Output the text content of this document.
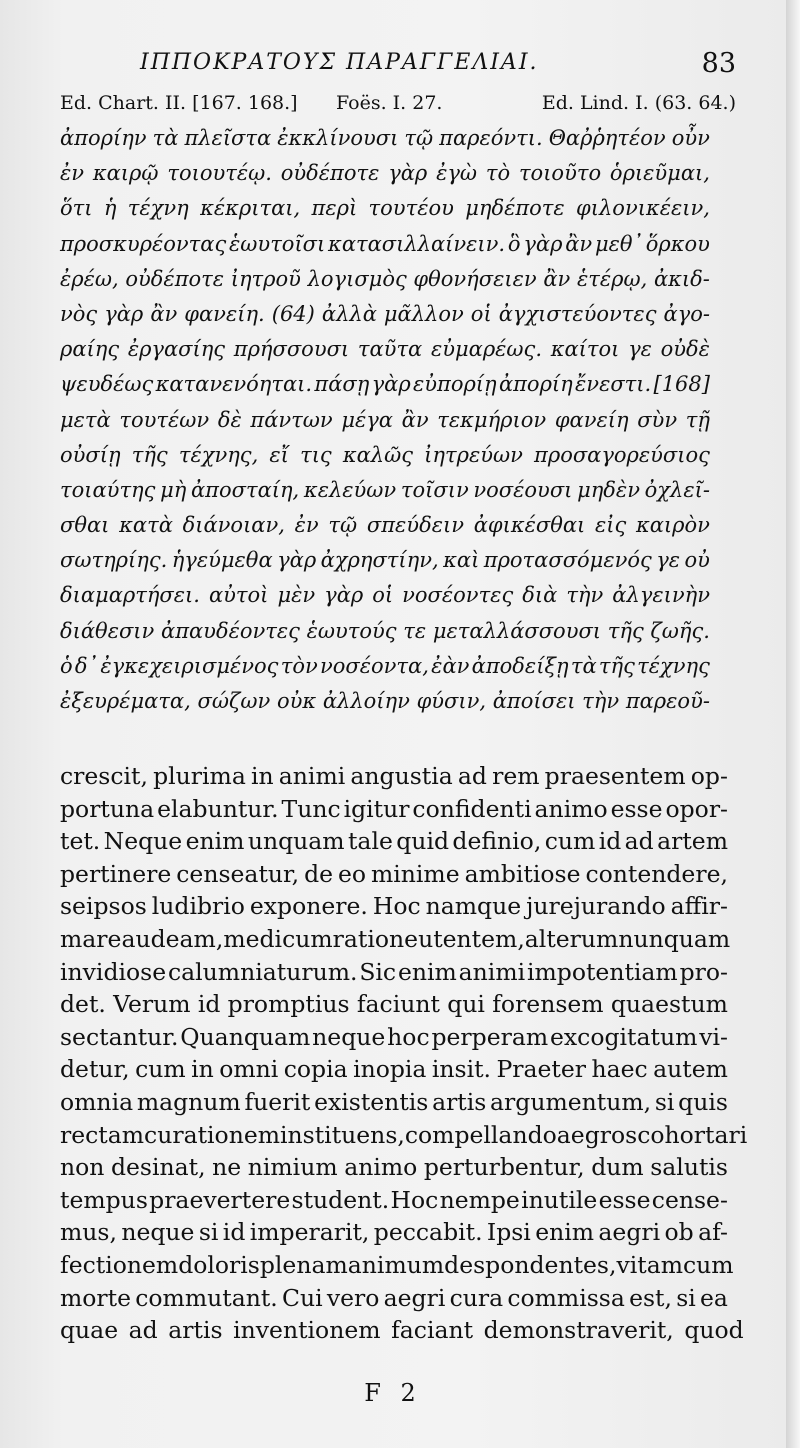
ΙΠΠΟΚΡΑΤΟΥΣ ΠΑΡΑΓΓΕΛΙΑΙ.	83
Ed. Chart. II. [167. 168.] Foës. I. 27.	Ed. Lind. I. (63. 64.)
ἀπορίην τὰ πλεῖστα ἐκκλίνουσι τῷ παρεόντι. Θαῤῥητέον οὖν
ἐν καιρῷ τοιουτέῳ. οὐδέποτε γὰρ ἐγὼ τὸ τοιοῦτο ὁριεῦμαι,
ὅτι ἡ τέχνη κέκριται, περὶ τουτέου μηδέποτε φιλονικέειν,
προσκυρέοντας ἑωυτοῖσι κατασιλλαίνειν. ὃ γὰρ ἂν μεθ᾽ ὅρκου
ἐρέω, οὐδέποτε ἰητροῦ λογισμὸς φθονήσειεν ἂν ἑτέρῳ, ἀκιδ-
νὸς γὰρ ἂν φανείη. (64) ἀλλὰ μᾶλλον οἱ ἀγχιστεύοντες ἀγο-
ραίης ἐργασίης πρήσσουσι ταῦτα εὐμαρέως. καίτοι γε οὐδὲ
ψευδέως κατανενόηται. πάσῃ γὰρ εὐπορίῃ ἀπορίη ἔνεστι. [168]
μετὰ τουτέων δὲ πάντων μέγα ἂν τεκμήριον φανείη σὺν τῇ
οὐσίῃ τῆς τέχνης, εἴ τις καλῶς ἰητρεύων προσαγορεύσιος
τοιαύτης μὴ ἀποσταίη, κελεύων τοῖσιν νοσέουσι μηδὲν ὀχλεῖ-
σθαι κατὰ διάνοιαν, ἐν τῷ σπεύδειν ἀφικέσθαι εἰς καιρὸν
σωτηρίης. ἡγεύμεθα γὰρ ἀχρηστίην, καὶ προτασσόμενός γε οὐ
διαμαρτήσει. αὐτοὶ μὲν γὰρ οἱ νοσέοντες διὰ τὴν ἀλγεινὴν
διάθεσιν ἀπαυδέοντες ἑωυτούς τε μεταλλάσσουσι τῆς ζωῆς.
ὁ δ᾽ ἐγκεχειρισμένος τὸν νοσέοντα, ἐὰν ἀποδείξῃ τὰ τῆς τέχνης
ἐξευρέματα, σώζων οὐκ ἀλλοίην φύσιν, ἀποίσει τὴν παρεοῦ-
crescit, plurima in animi angustia ad rem praesentem op-
portuna elabuntur. Tunc igitur confidenti animo esse opor-
tet. Neque enim unquam tale quid definio, cum id ad artem
pertinere censeatur, de eo minime ambitiose contendere,
seipsos ludibrio exponere. Hoc namque jurejurando affir-
mare audeam, medicum ratione utentem, alterum nunquam
invidiose calumniaturum. Sic enim animi impotentiam pro-
det. Verum id promptius faciunt qui forensem quaestum
sectantur. Quanquam neque hoc perperam excogitatum vi-
detur, cum in omni copia inopia insit. Praeter haec autem
omnia magnum fuerit existentis artis argumentum, si quis
rectam curationem instituens, compellando aegros cohortari
non desinat, ne nimium animo perturbentur, dum salutis
tempus praevertere student. Hoc nempe inutile esse cense-
mus, neque si id imperarit, peccabit. Ipsi enim aegri ob af-
fectionem doloris plenam animum despondentes, vitam cum
morte commutant. Cui vero aegri cura commissa est, si ea
quae ad artis inventionem faciant demonstraverit, quod
F 2
